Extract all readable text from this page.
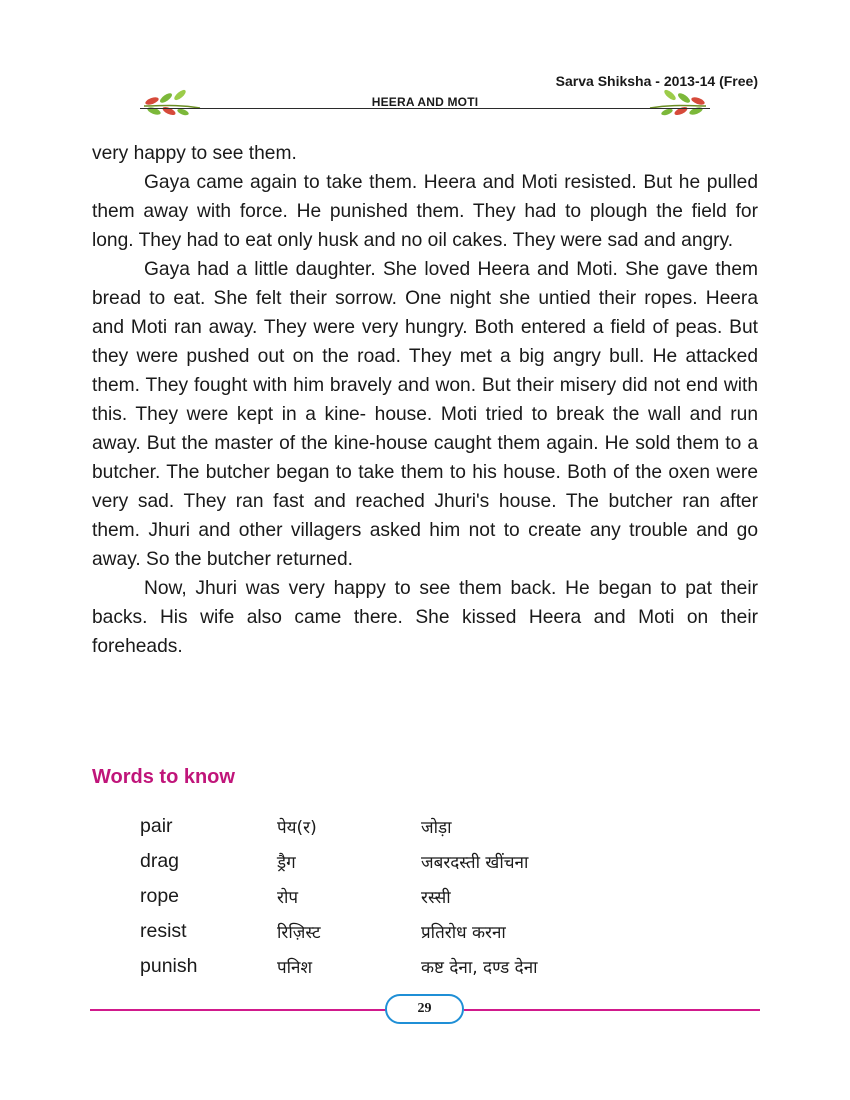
Sarva Shiksha - 2013-14 (Free)
HEERA AND MOTI

very happy to see them.

Gaya came again to take them. Heera and Moti resisted. But he pulled them away with force. He punished them. They had to plough the field for long. They had to eat only husk and no oil cakes. They were sad and angry.

Gaya had a little daughter. She loved Heera and Moti. She gave them bread to eat. She felt their sorrow. One night she untied their ropes. Heera and Moti ran away. They were very hungry. Both entered a field of peas. But they were pushed out on the road. They met a big angry bull. He attacked them. They fought with him bravely and won. But their misery did not end with this. They were kept in a kine- house. Moti tried to break the wall and run away. But the master of the kine-house caught them again. He sold them to a butcher. The butcher began to take them to his house. Both of the oxen were very sad. They ran fast and reached Jhuri's house. The butcher ran after them. Jhuri and other villagers asked him not to create any trouble and go away. So the butcher returned.

Now, Jhuri was very happy to see them back. He began to pat their backs. His wife also came there. She kissed Heera and Moti on their foreheads.

Words to know
pair	पेय(र)	जोड़ा
drag	ड्रैग	जबरदस्ती खींचना
rope	रोप	रस्सी
resist	रिज़िस्ट	प्रतिरोध करना
punish	पनिश	कष्ट देना, दण्ड देना
29
